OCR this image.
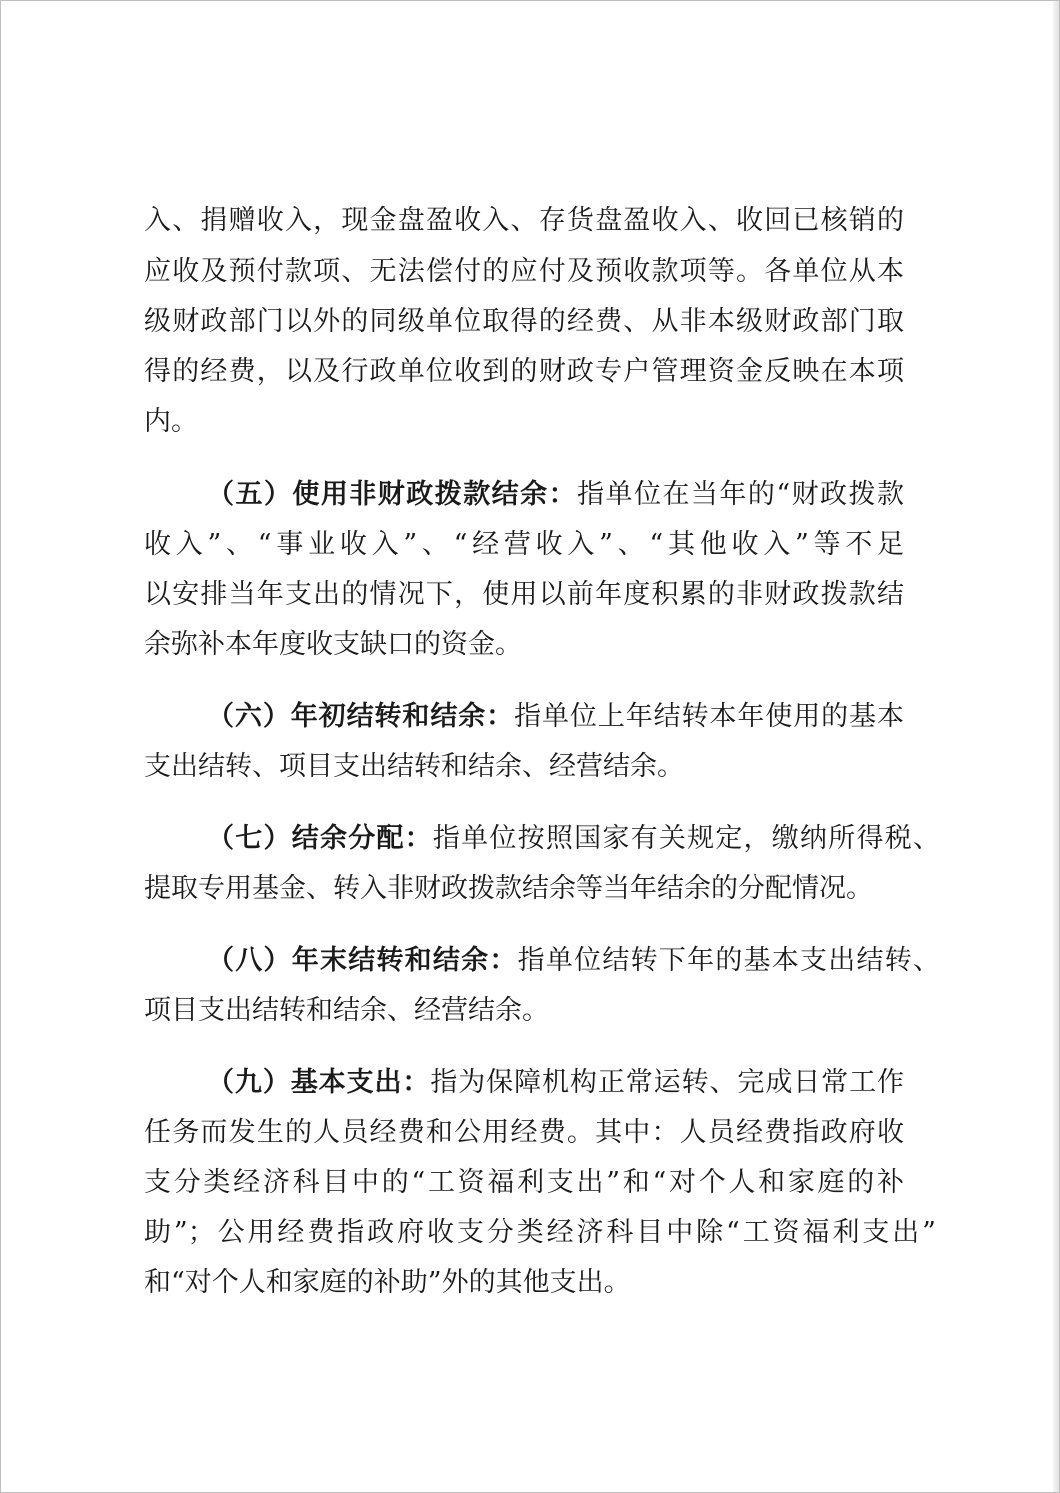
入、捐赠收入，现金盘盈收入、存货盘盈收入、收回已核销的
应收及预付款项、无法偿付的应付及预收款项等。各单位从本
级财政部门以外的同级单位取得的经费、从非本级财政部门取
得的经费，以及行政单位收到的财政专户管理资金反映在本项
内。
（五）使用非财政拨款结余：指单位在当年的“财政拨款
收入”、“事业收入”、“经营收入”、“其他收入”等不足
以安排当年支出的情况下，使用以前年度积累的非财政拨款结
余弥补本年度收支缺口的资金。
（六）年初结转和结余：指单位上年结转本年使用的基本
支出结转、项目支出结转和结余、经营结余。
（七）结余分配：指单位按照国家有关规定，缴纳所得税、
提取专用基金、转入非财政拨款结余等当年结余的分配情况。
（八）年末结转和结余：指单位结转下年的基本支出结转、
项目支出结转和结余、经营结余。
（九）基本支出：指为保障机构正常运转、完成日常工作
任务而发生的人员经费和公用经费。其中：人员经费指政府收
支分类经济科目中的“工资福利支出”和“对个人和家庭的补
助”；公用经费指政府收支分类经济科目中除“工资福利支出”
和“对个人和家庭的补助”外的其他支出。
